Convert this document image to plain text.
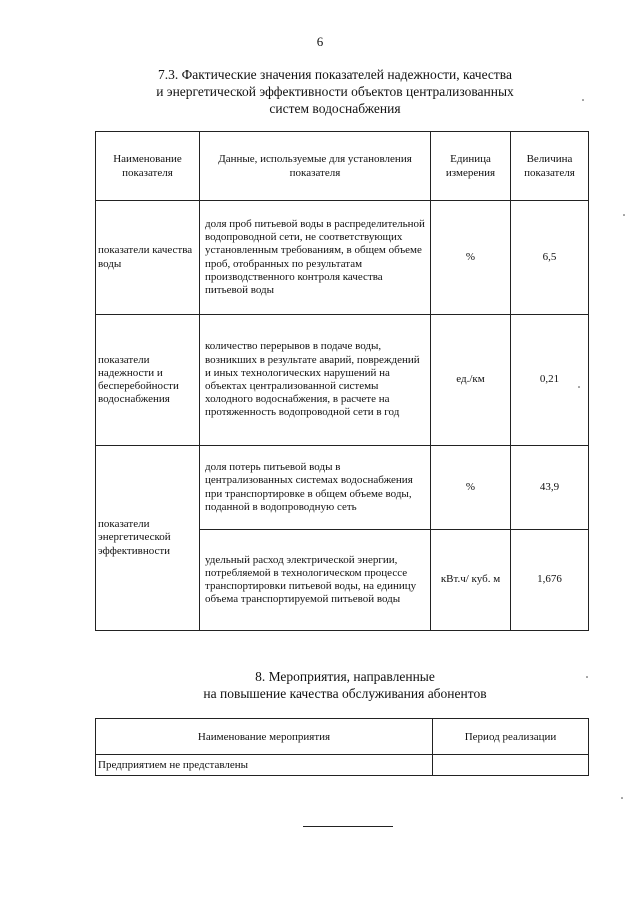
6
7.3. Фактические значения показателей надежности, качества
и энергетической эффективности объектов централизованных
систем водоснабжения
Наименование показателя	Данные, используемые для установления показателя	Единица измерения	Величина показателя
показатели качества воды	доля проб питьевой воды в распределительной водопроводной сети, не соответствующих установленным требованиям, в общем объеме проб, отобранных по результатам производственного контроля качества питьевой воды	%	6,5
показатели надежности и бесперебойности водоснабжения	количество перерывов в подаче воды, возникших в результате аварий, повреждений и иных технологических нарушений на объектах централизованной системы холодного водоснабжения, в расчете на протяженность водопроводной сети в год	ед./км	0,21
показатели энергетической эффективности	доля потерь питьевой воды в централизованных системах водоснабжения при транспортировке в общем объеме воды, поданной в водопроводную сеть	%	43,9
	удельный расход электрической энергии, потребляемой в технологическом процессе транспортировки питьевой воды, на единицу объема транспортируемой питьевой воды	кВт.ч/ куб. м	1,676
8. Мероприятия, направленные
на повышение качества обслуживания абонентов
Наименование мероприятия	Период реализации
Предприятием не представлены	
